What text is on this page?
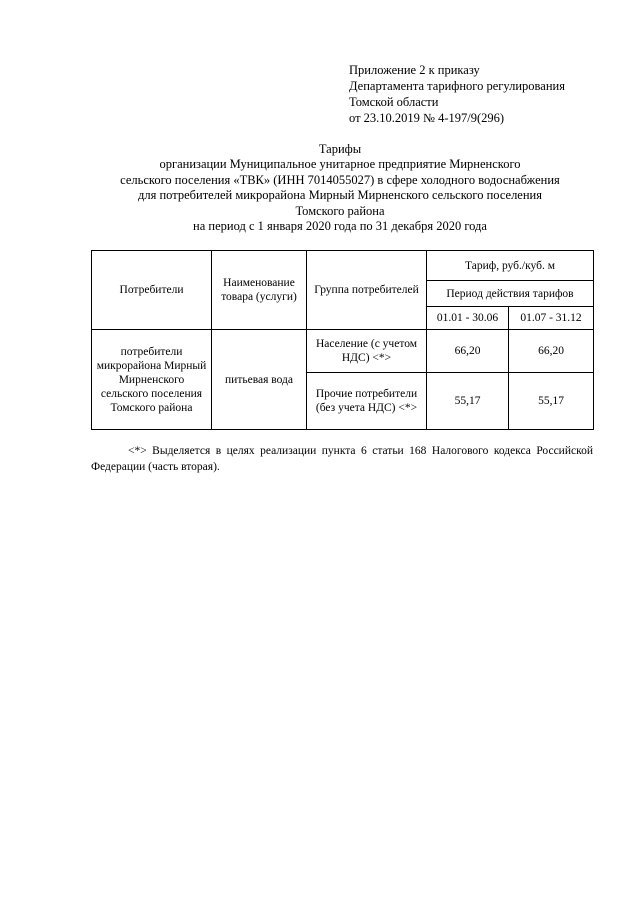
Приложение 2 к приказу
Департамента тарифного регулирования
Томской области
от 23.10.2019 № 4-197/9(296)
Тарифы
организации Муниципальное унитарное предприятие Мирненского
сельского поселения «ТВК» (ИНН 7014055027) в сфере холодного водоснабжения
для потребителей микрорайона Мирный Мирненского сельского поселения
Томского района
на период с 1 января 2020 года по 31 декабря 2020 года
Потребители	Наименование товара (услуги)	Группа потребителей	Тариф, руб./куб. м	
			Период действия тарифов	
			01.01 - 30.06	01.07 - 31.12
потребители микрорайона Мирный Мирненского сельского поселения Томского района	питьевая вода	Население (с учетом НДС) <*>	66,20	66,20
		Прочие потребители (без учета НДС) <*>	55,17	55,17
<*> Выделяется в целях реализации пункта 6 статьи 168 Налогового кодекса Российской Федерации (часть вторая).
